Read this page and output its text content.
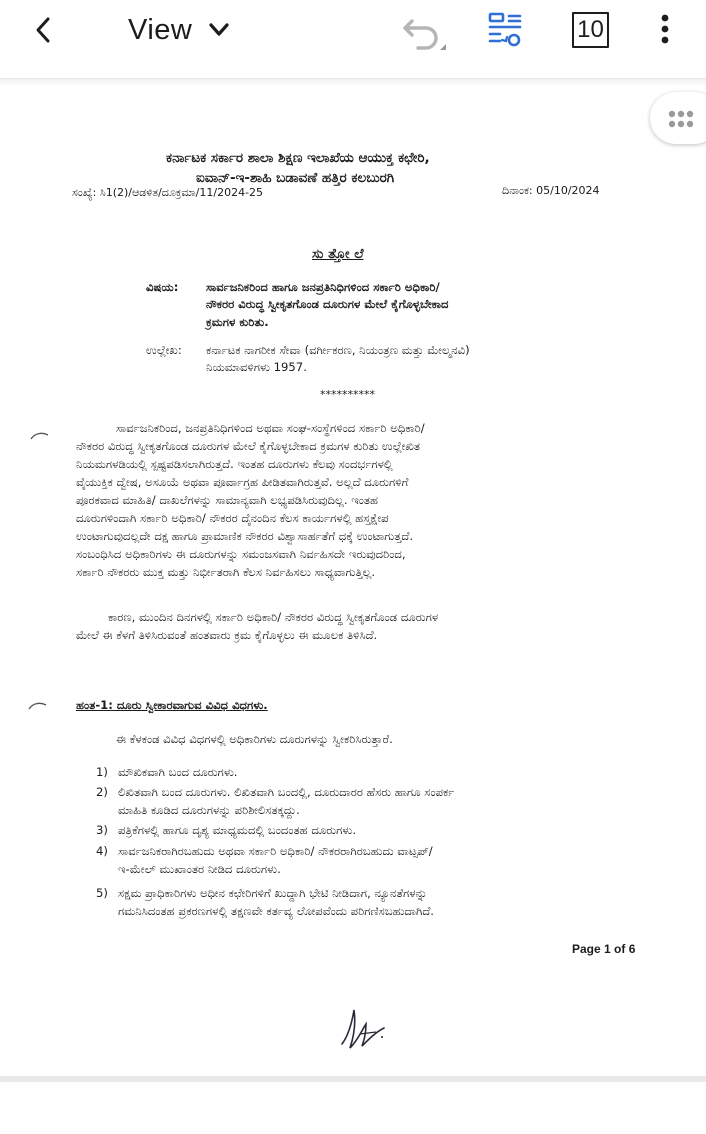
View	10
ಕರ್ನಾಟಕ ಸರ್ಕಾರ ಶಾಲಾ ಶಿಕ್ಷಣ ಇಲಾಖೆಯ ಆಯುಕ್ತ ಕಛೇರಿ,
ಐವಾನ್-ಇ-ಶಾಹಿ ಬಡಾವಣೆ ಹತ್ತಿರ ಕಲಬುರಗಿ
ಸಂಖ್ಯೆ: ಸಿ1(2)/ಆಡಳಿತ/ದೂಕ್ರಮಾ/11/2024-25	ದಿನಾಂಕ: 05/10/2024
ಸು ತ್ತೋ ಲೆ
ವಿಷಯ: ಸಾರ್ವಜನಿಕರಿಂದ ಹಾಗೂ ಜನಪ್ರತಿನಿಧಿಗಳಿಂದ ಸರ್ಕಾರಿ ಅಧಿಕಾರಿ/
ನೌಕರರ ವಿರುದ್ಧ ಸ್ವೀಕೃತಗೊಂಡ ದೂರುಗಳ ಮೇಲೆ ಕೈಗೊಳ್ಳಬೇಕಾದ
ಕ್ರಮಗಳ ಕುರಿತು.
ಉಲ್ಲೇಖ: ಕರ್ನಾಟಕ ನಾಗರೀಕ ಸೇವಾ (ವರ್ಗೀಕರಣ, ನಿಯಂತ್ರಣ ಮತ್ತು ಮೇಲ್ಮನವಿ)
ನಿಯಮಾವಳಿಗಳು 1957.
**********
ಸಾರ್ವಜನಿಕರಿಂದ, ಜನಪ್ರತಿನಿಧಿಗಳಿಂದ ಅಥವಾ ಸಂಘ-ಸಂಸ್ಥೆಗಳಿಂದ ಸರ್ಕಾರಿ ಅಧಿಕಾರಿ/
ನೌಕರರ ವಿರುದ್ಧ ಸ್ವೀಕೃತಗೊಂಡ ದೂರುಗಳ ಮೇಲೆ ಕೈಗೊಳ್ಳಬೇಕಾದ ಕ್ರಮಗಳ ಕುರಿತು ಉಲ್ಲೇಖಿತ
ನಿಯಮಗಳಡಿಯಲ್ಲಿ ಸ್ಪಷ್ಟಪಡಿಸಲಾಗಿರುತ್ತದೆ. ಇಂತಹ ದೂರುಗಳು ಕೆಲವು ಸಂದರ್ಭಗಳಲ್ಲಿ
ವೈಯುಕ್ತಿಕ ದ್ವೇಷ, ಅಸೂಯೆ ಅಥವಾ ಪೂರ್ವಾಗ್ರಹ ಪೀಡಿತವಾಗಿರುತ್ತವೆ. ಅಲ್ಲದೆ ದೂರುಗಳಿಗೆ
ಪೂರಕವಾದ ಮಾಹಿತಿ/ ದಾಖಲೆಗಳನ್ನು ಸಾಮಾನ್ಯವಾಗಿ ಲಭ್ಯಪಡಿಸಿರುವುದಿಲ್ಲ. ಇಂತಹ
ದೂರುಗಳಿಂದಾಗಿ ಸರ್ಕಾರಿ ಅಧಿಕಾರಿ/ ನೌಕರರ ದೈನಂದಿನ ಕೆಲಸ ಕಾರ್ಯಗಳಲ್ಲಿ ಹಸ್ತಕ್ಷೇಪ
ಉಂಟಾಗುವುದಲ್ಲದೇ ದಕ್ಷ ಹಾಗೂ ಪ್ರಾಮಾಣಿಕ ನೌಕರರ ವಿಶ್ವಾಸಾರ್ಹತೆಗೆ ಧಕ್ಕೆ ಉಂಟಾಗುತ್ತದೆ.
ಸಂಬಂಧಿಸಿದ ಅಧಿಕಾರಿಗಳು ಈ ದೂರುಗಳನ್ನು ಸಮಂಜಸವಾಗಿ ನಿರ್ವಹಿಸದೇ ಇರುವುದರಿಂದ,
ಸರ್ಕಾರಿ ನೌಕರರು ಮುಕ್ತ ಮತ್ತು ನಿರ್ಭೀತರಾಗಿ ಕೆಲಸ ನಿರ್ವಹಿಸಲು ಸಾಧ್ಯವಾಗುತ್ತಿಲ್ಲ.
ಕಾರಣ, ಮುಂದಿನ ದಿನಗಳಲ್ಲಿ ಸರ್ಕಾರಿ ಅಧಿಕಾರಿ/ ನೌಕರರ ವಿರುದ್ಧ ಸ್ವೀಕೃತಗೊಂಡ ದೂರುಗಳ
ಮೇಲೆ ಈ ಕೆಳಗೆ ತಿಳಿಸಿರುವಂತೆ ಹಂತವಾರು ಕ್ರಮ ಕೈಗೊಳ್ಳಲು ಈ ಮೂಲಕ ತಿಳಿಸಿದೆ.
ಹಂತ-1: ದೂರು ಸ್ವೀಕಾರವಾಗುವ ವಿವಿಧ ವಿಧಗಳು.
ಈ ಕೆಳಕಂಡ ವಿವಿಧ ವಿಧಗಳಲ್ಲಿ ಅಧಿಕಾರಿಗಳು ದೂರುಗಳನ್ನು ಸ್ವೀಕರಿಸಿರುತ್ತಾರೆ.
1) ಮೌಖಿಕವಾಗಿ ಬಂದ ದೂರುಗಳು.
2) ಲಿಖಿತವಾಗಿ ಬಂದ ದೂರುಗಳು. ಲಿಖಿತವಾಗಿ ಬಂದಲ್ಲಿ, ದೂರುದಾರರ ಹೆಸರು ಹಾಗೂ ಸಂಪರ್ಕ
ಮಾಹಿತಿ ಕೂಡಿದ ದೂರುಗಳನ್ನು ಪರಿಶೀಲಿಸತಕ್ಕದ್ದು.
3) ಪತ್ರಿಕೆಗಳಲ್ಲಿ ಹಾಗೂ ದೃಶ್ಯ ಮಾಧ್ಯಮದಲ್ಲಿ ಬಂದಂತಹ ದೂರುಗಳು.
4) ಸಾರ್ವಜನಿಕರಾಗಿರಬಹುದು ಅಥವಾ ಸರ್ಕಾರಿ ಅಧಿಕಾರಿ/ ನೌಕರರಾಗಿರಬಹುದು ವಾಟ್ಸಪ್/
ಇ-ಮೇಲ್ ಮುಖಾಂತರ ನೀಡಿದ ದೂರುಗಳು.
5) ಸಕ್ಷಮ ಪ್ರಾಧಿಕಾರಿಗಳು ಅಧೀನ ಕಛೇರಿಗಳಿಗೆ ಖುದ್ದಾಗಿ ಭೇಟಿ ನೀಡಿದಾಗ, ನ್ಯೂನತೆಗಳನ್ನು
ಗಮನಿಸಿದಂತಹ ಪ್ರಕರಣಗಳಲ್ಲಿ ತಕ್ಷಣವೇ ಕರ್ತವ್ಯ ಲೋಪವೆಂದು ಪರಿಗಣಿಸಬಹುದಾಗಿದೆ.
Page 1 of 6
